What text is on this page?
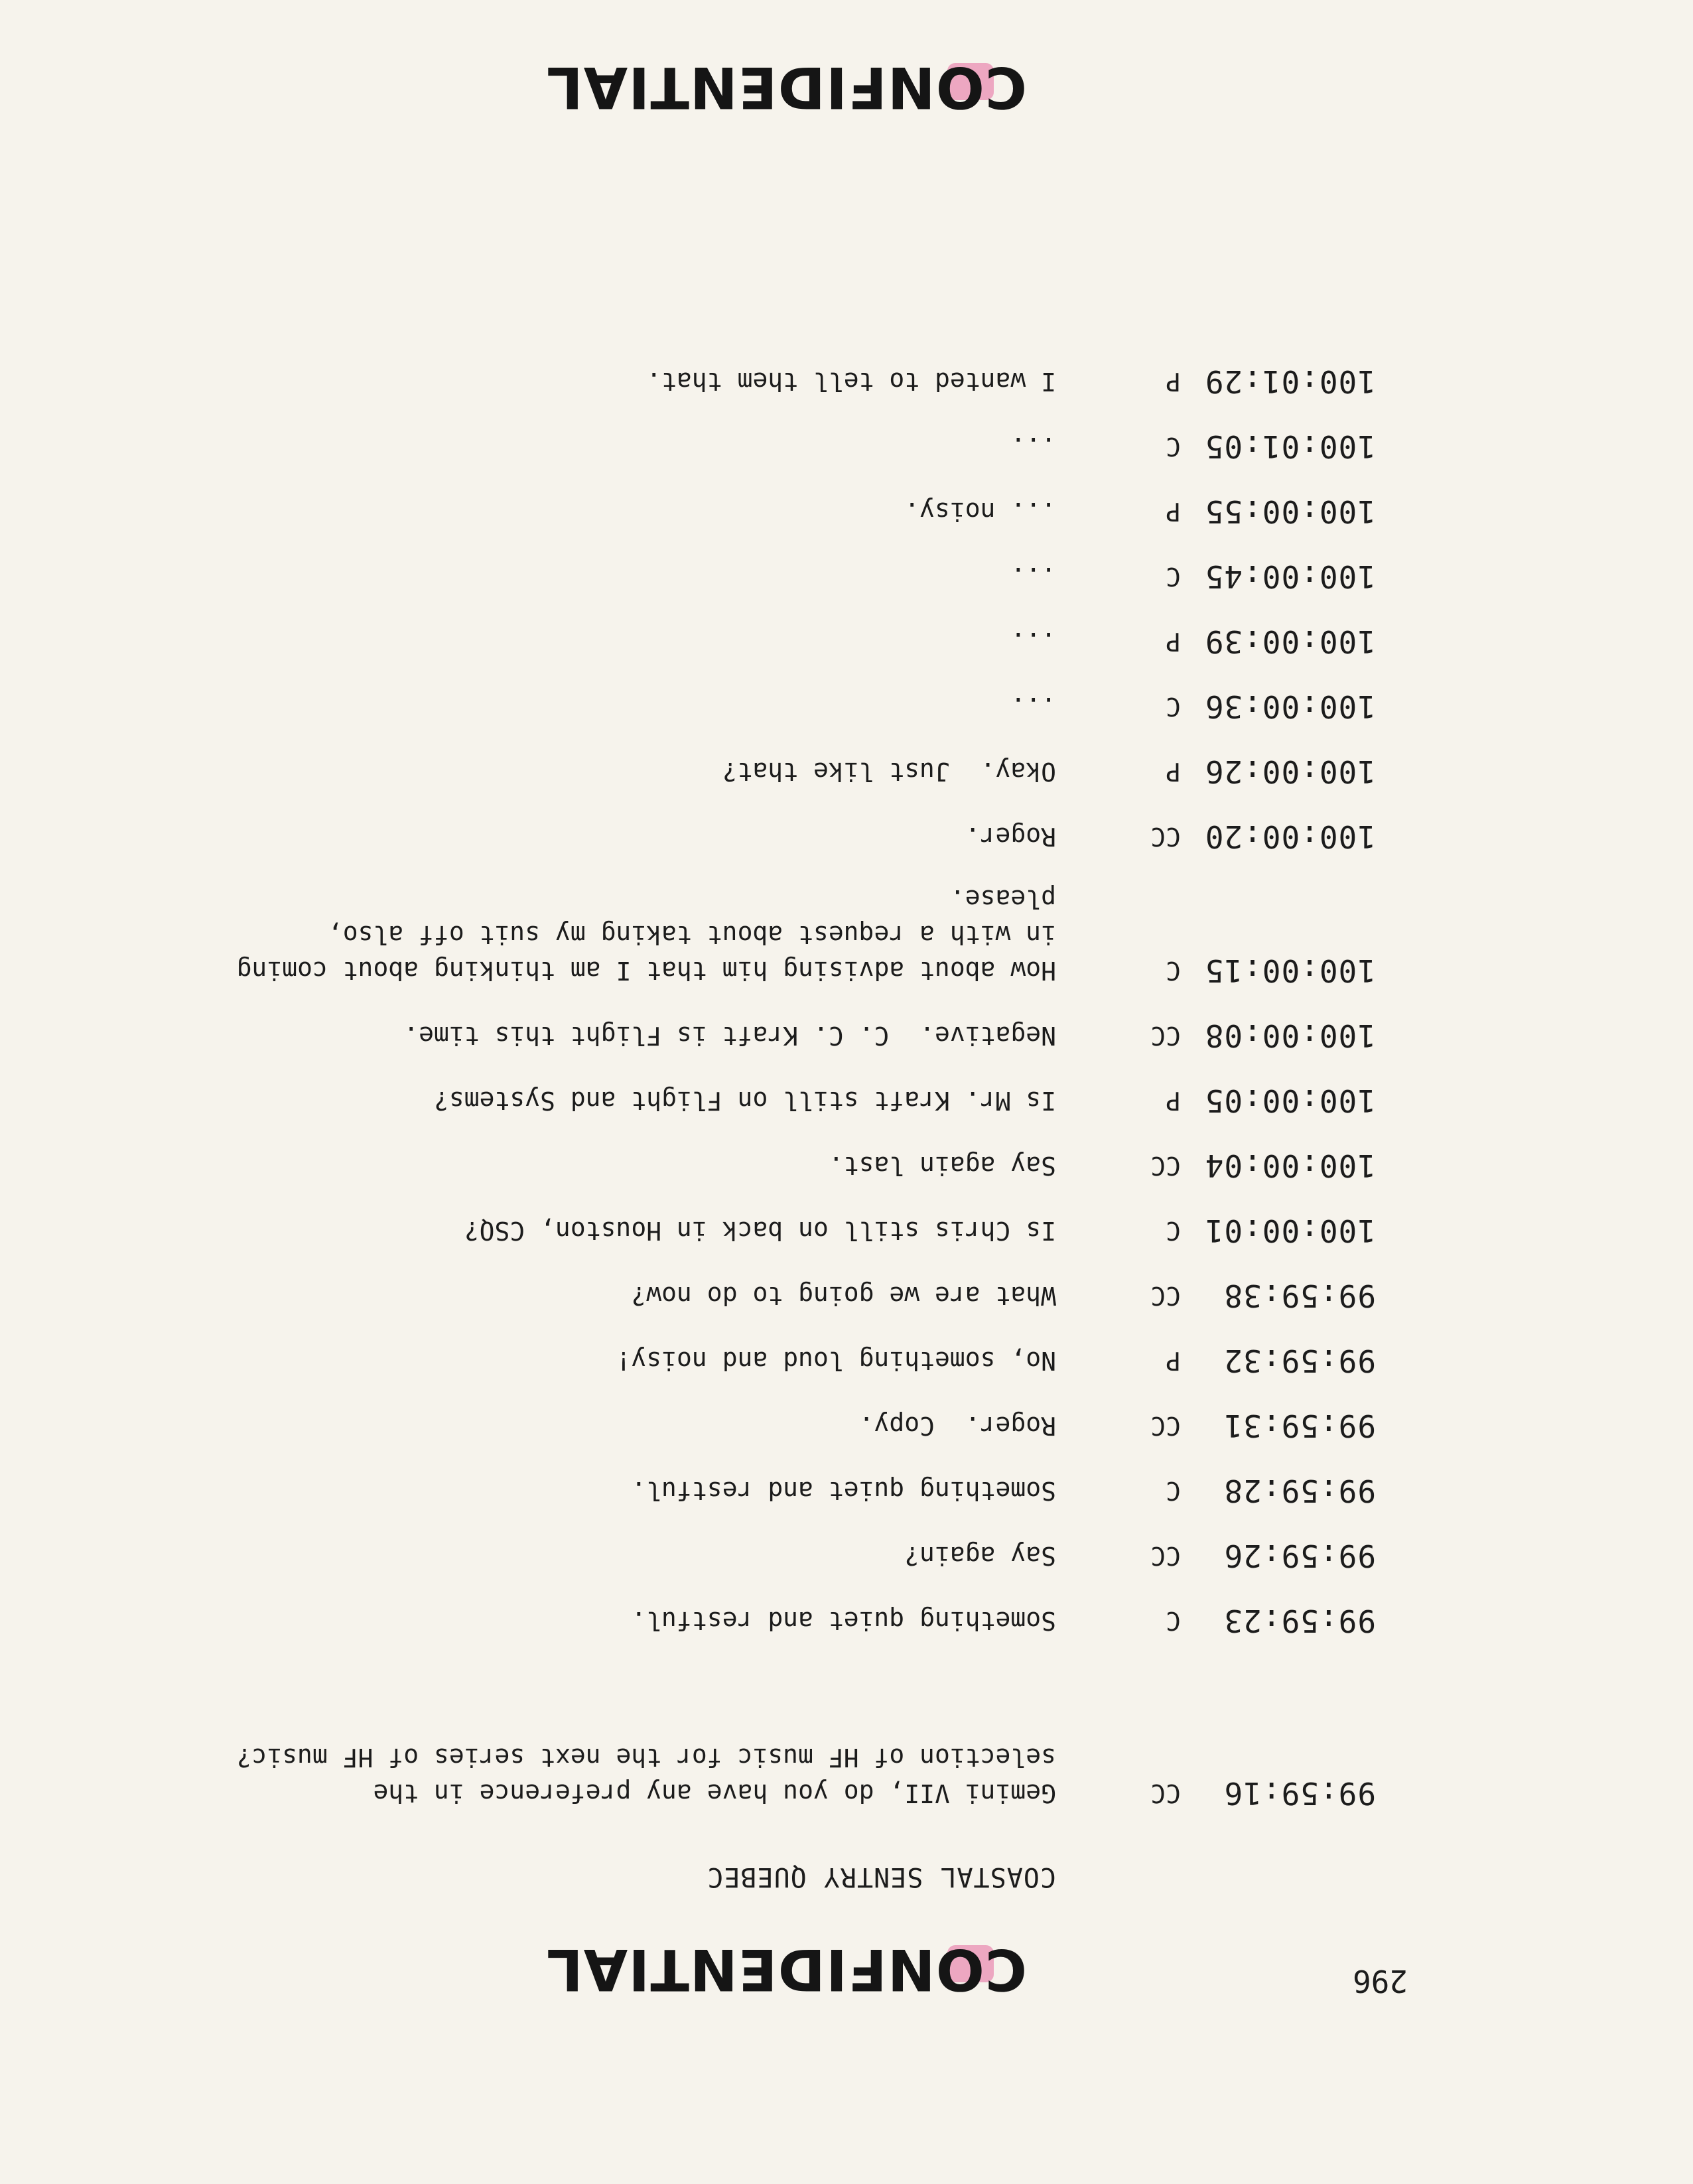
CONFIDENTIAL	296
COASTAL SENTRY QUEBEC
99:59:16
CC
Gemini VII, do you have any preference in the selection of HF music for the next series of HF music?
99:59:23
C
Something quiet and restful.
99:59:26
CC
Say again?
99:59:28
C
Something quiet and restful.
99:59:31
CC
Roger.  Copy.
99:59:32
P
No, something loud and noisy!
99:59:38
CC
What are we going to do now?
100:00:01
C
Is Chris still on back in Houston, CSQ?
100:00:04
CC
Say again last.
100:00:05
P
Is Mr. Kraft still on Flight and Systems?
100:00:08
CC
Negative.  C. C. Kraft is Flight this time.
100:00:15
C
How about advising him that I am thinking about coming in with a request about taking my suit off also, please.
100:00:20
CC
Roger.
100:00:26
P
Okay.  Just like that?
100:00:36
C
...
100:00:39
P
...
100:00:45
C
...
100:00:55
P
... noisy.
100:01:05
C
...
100:01:29
P
I wanted to tell them that.
CONFIDENTIAL
